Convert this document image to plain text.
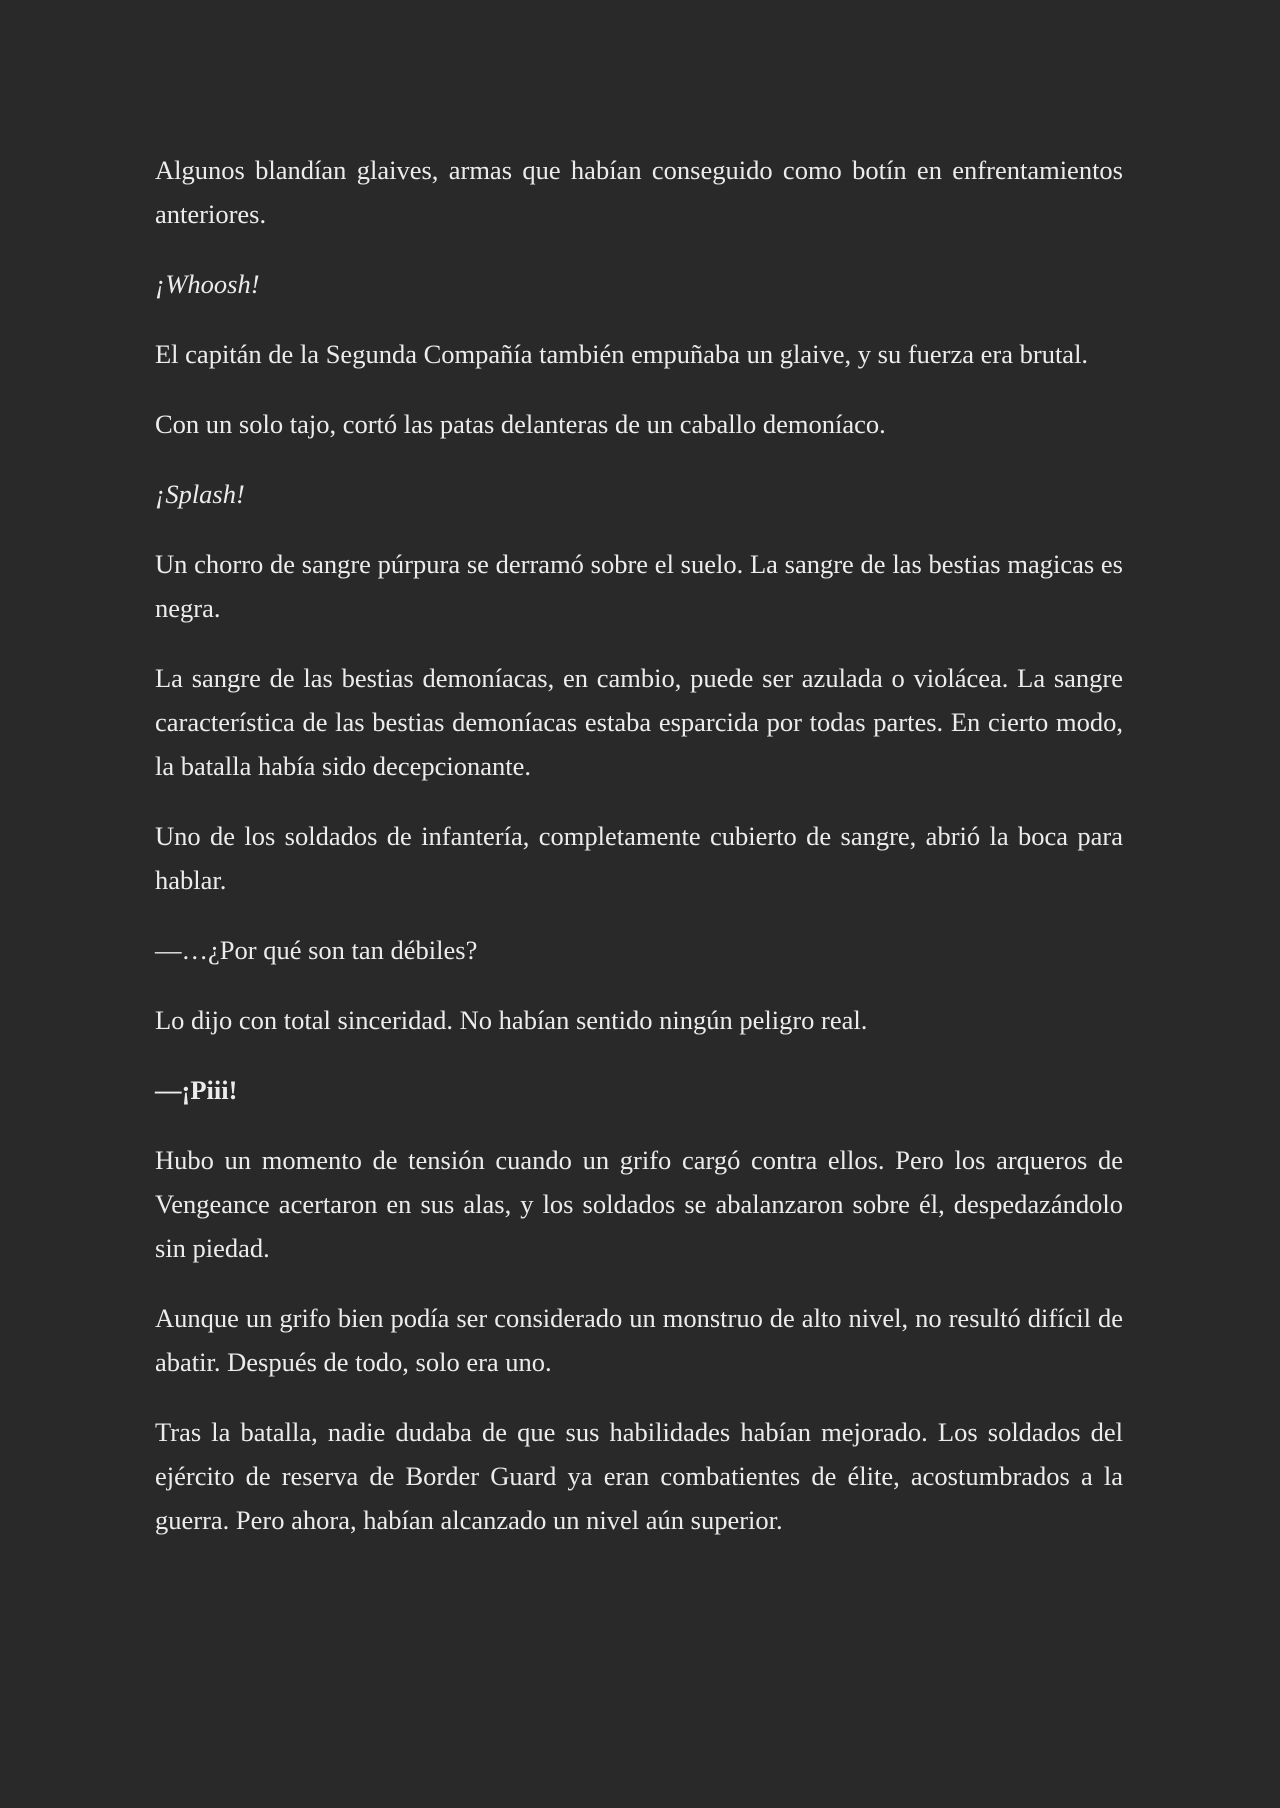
Algunos blandían glaives, armas que habían conseguido como botín en enfrentamientos anteriores.

¡Whoosh!

El capitán de la Segunda Compañía también empuñaba un glaive, y su fuerza era brutal.

Con un solo tajo, cortó las patas delanteras de un caballo demoníaco.

¡Splash!

Un chorro de sangre púrpura se derramó sobre el suelo. La sangre de las bestias magicas es negra.

La sangre de las bestias demoníacas, en cambio, puede ser azulada o violácea. La sangre característica de las bestias demoníacas estaba esparcida por todas partes. En cierto modo, la batalla había sido decepcionante.

Uno de los soldados de infantería, completamente cubierto de sangre, abrió la boca para hablar.

—…¿Por qué son tan débiles?

Lo dijo con total sinceridad. No habían sentido ningún peligro real.

—¡Piii!

Hubo un momento de tensión cuando un grifo cargó contra ellos. Pero los arqueros de Vengeance acertaron en sus alas, y los soldados se abalanzaron sobre él, despedazándolo sin piedad.

Aunque un grifo bien podía ser considerado un monstruo de alto nivel, no resultó difícil de abatir. Después de todo, solo era uno.

Tras la batalla, nadie dudaba de que sus habilidades habían mejorado. Los soldados del ejército de reserva de Border Guard ya eran combatientes de élite, acostumbrados a la guerra. Pero ahora, habían alcanzado un nivel aún superior.
